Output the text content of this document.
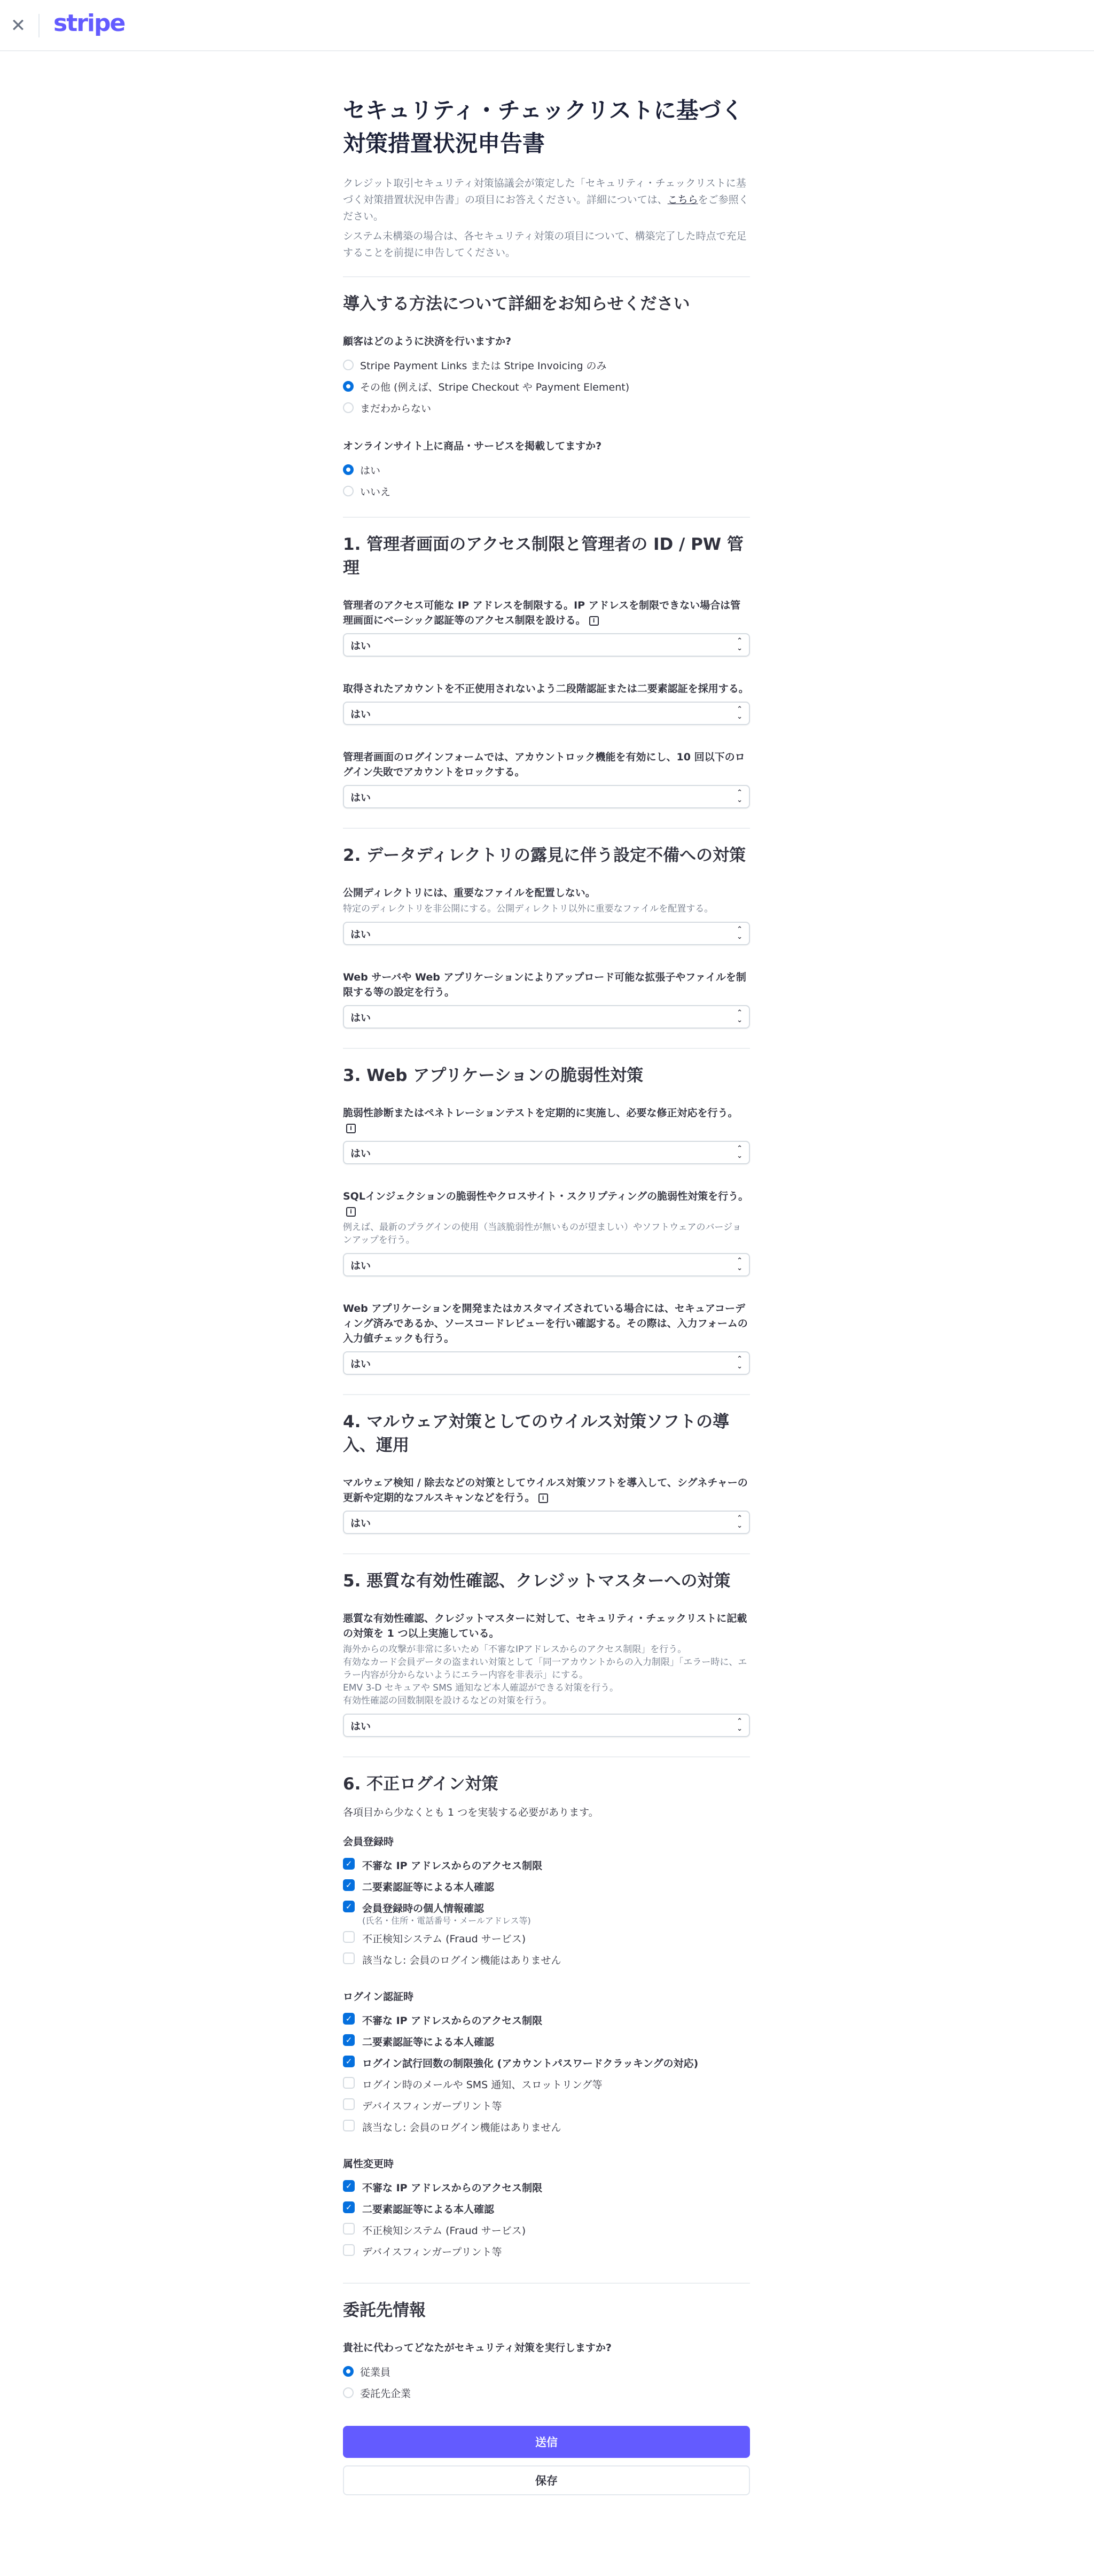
✕ stripe
セキュリティ・チェックリストに基づく対策措置状況申告書

クレジット取引セキュリティ対策協議会が策定した「セキュリティ・チェックリストに基づく対策措置状況申告書」の項目にお答えください。詳細については、こちらをご参照ください。

システム未構築の場合は、各セキュリティ対策の項目について、構築完了した時点で充足することを前提に申告してください。

導入する方法について詳細をお知らせください
顧客はどのように決済を行いますか?
Stripe Payment Links または Stripe Invoicing のみ
その他 (例えば、Stripe Checkout や Payment Element)
まだわからない
オンラインサイト上に商品・サービスを掲載してますか?
はい
いいえ
1. 管理者画面のアクセス制限と管理者の ID / PW 管理
管理者のアクセス可能な IP アドレスを制限する。IP アドレスを制限できない場合は管理画面にベーシック認証等のアクセス制限を設ける。 i
はい	⌃
⌄
取得されたアカウントを不正使用されないよう二段階認証または二要素認証を採用する。
はい	⌃
⌄
管理者画面のログインフォームでは、アカウントロック機能を有効にし、10 回以下のログイン失敗でアカウントをロックする。
はい	⌃
⌄
2. データディレクトリの露見に伴う設定不備への対策
公開ディレクトリには、重要なファイルを配置しない。
特定のディレクトリを非公開にする。公開ディレクトリ以外に重要なファイルを配置する。
はい	⌃
⌄
Web サーバや Web アプリケーションによりアップロード可能な拡張子やファイルを制限する等の設定を行う。
はい	⌃
⌄
3. Web アプリケーションの脆弱性対策
脆弱性診断またはペネトレーションテストを定期的に実施し、必要な修正対応を行う。i
はい	⌃
⌄
SQLインジェクションの脆弱性やクロスサイト・スクリプティングの脆弱性対策を行う。i
例えば、最新のプラグインの使用（当該脆弱性が無いものが望ましい）やソフトウェアのバージョンアップを行う。
はい	⌃
⌄
Web アプリケーションを開発またはカスタマイズされている場合には、セキュアコーディング済みであるか、ソースコードレビューを行い確認する。その際は、入力フォームの入力値チェックも行う。
はい	⌃
⌄
4. マルウェア対策としてのウイルス対策ソフトの導入、運用
マルウェア検知 / 除去などの対策としてウイルス対策ソフトを導入して、シグネチャーの更新や定期的なフルスキャンなどを行う。 i
はい	⌃
⌄
5. 悪質な有効性確認、クレジットマスターへの対策
悪質な有効性確認、クレジットマスターに対して、セキュリティ・チェックリストに記載の対策を 1 つ以上実施している。
海外からの攻撃が非常に多いため「不審なIPアドレスからのアクセス制限」を行う。
有効なカード会員データの盗まれい対策として「同一アカウントからの入力制限」「エラー時に、エラー内容が分からないようにエラー内容を非表示」にする。
EMV 3-D セキュアや SMS 通知など本人確認ができる対策を行う。
有効性確認の回数制限を設けるなどの対策を行う。
はい	⌃
⌄
6. 不正ログイン対策
各項目から少なくとも 1 つを実装する必要があります。
会員登録時
✓ 不審な IP アドレスからのアクセス制限
✓ 二要素認証等による本人確認
✓ 会員登録時の個人情報確認
(氏名・住所・電話番号・メールアドレス等)
不正検知システム (Fraud サービス)
該当なし: 会員のログイン機能はありません
ログイン認証時
✓ 不審な IP アドレスからのアクセス制限
✓ 二要素認証等による本人確認
✓ ログイン試行回数の制限強化 (アカウントパスワードクラッキングの対応)
ログイン時のメールや SMS 通知、スロットリング等
デバイスフィンガープリント等
該当なし: 会員のログイン機能はありません
属性変更時
✓ 不審な IP アドレスからのアクセス制限
✓ 二要素認証等による本人確認
不正検知システム (Fraud サービス)
デバイスフィンガープリント等
委託先情報
貴社に代わってどなたがセキュリティ対策を実行しますか?
従業員
委託先企業
送信
保存
